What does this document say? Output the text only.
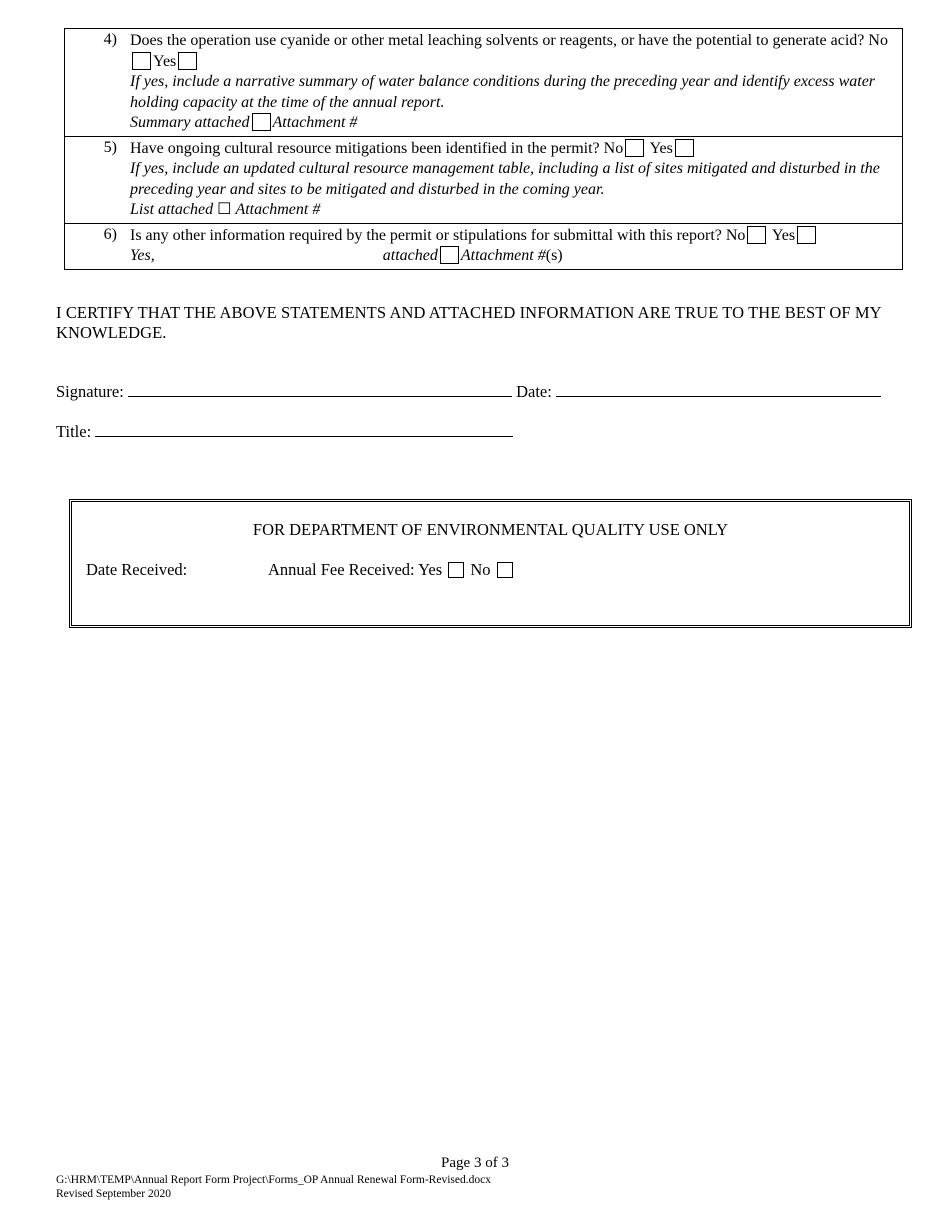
4) Does the operation use cyanide or other metal leaching solvents or reagents, or have the potential to generate acid? NoYes
If yes, include a narrative summary of water balance conditions during the preceding year and identify excess water holding capacity at the time of the annual report.
Summary attached Attachment #
5) Have ongoing cultural resource mitigations been identified in the permit? No Yes
If yes, include an updated cultural resource management table, including a list of sites mitigated and disturbed in the preceding year and sites to be mitigated and disturbed in the coming year.
List attached ☐ Attachment #
6) Is any other information required by the permit or stipulations for submittal with this report? No Yes
Yes,	attached Attachment #(s)
I CERTIFY THAT THE ABOVE STATEMENTS AND ATTACHED INFORMATION ARE TRUE TO THE BEST OF MY KNOWLEDGE.
Signature:	Date:
Title:
FOR DEPARTMENT OF ENVIRONMENTAL QUALITY USE ONLY
Date Received:	Annual Fee Received: Yes No
Page 3 of 3
G:\HRM\TEMP\Annual Report Form Project\Forms_OP Annual Renewal Form-Revised.docx
Revised September 2020
